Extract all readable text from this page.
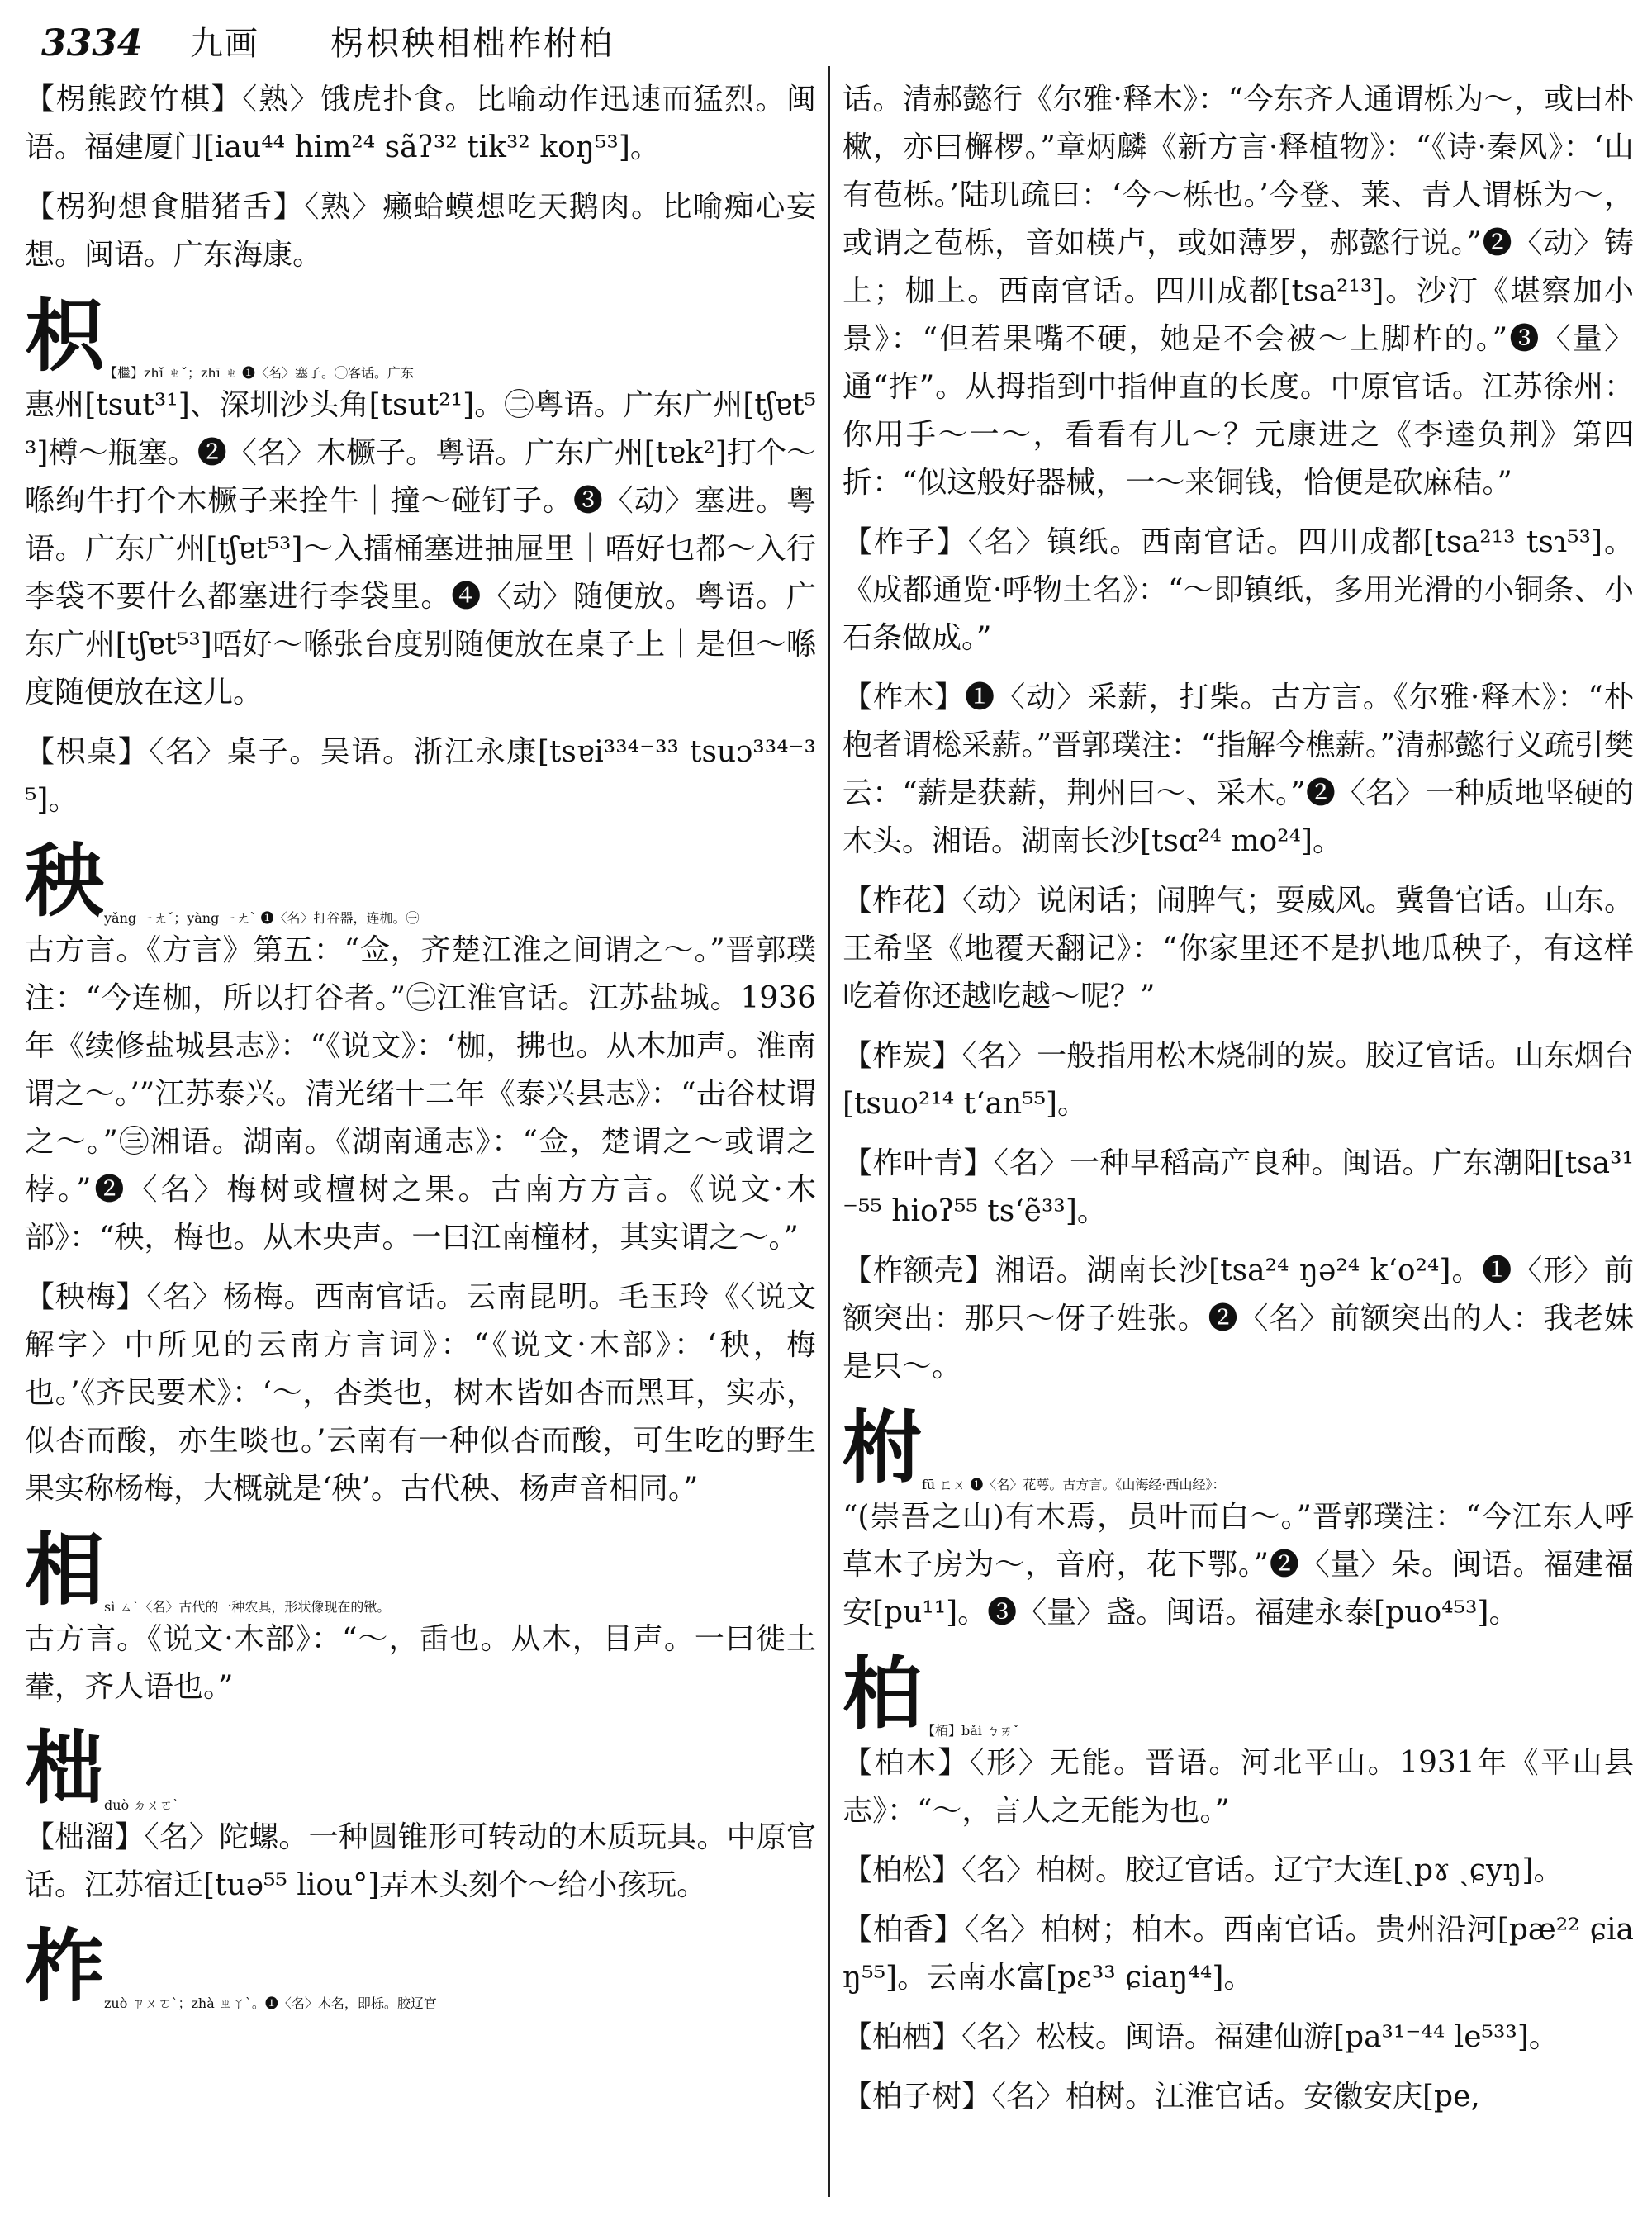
3334 九画 柺枳秧相柮柞柎柏

【柺熊跤竹棋】〈熟〉饿虎扑食。比喻动作迅速而猛烈。闽语。福建厦门[iau⁴⁴ him²⁴ sãʔ³² tik³² koŋ⁵³]。

【柺狗想食腊猪舌】〈熟〉癞蛤蟆想吃天鹅肉。比喻痴心妄想。闽语。广东海康。

枳 【檵】zhǐ ㄓˇ；zhī ㄓ ❶〈名〉塞子。㊀客话。广东

惠州[tsut³¹]、深圳沙头角[tsut²¹]。㊁粤语。广东广州[tʃɐt⁵³]樽～瓶塞。❷〈名〉木橛子。粤语。广东广州[tɐk²]打个～喺绚牛打个木橛子来拴牛｜撞～碰钉子。❸〈动〉塞进。粤语。广东广州[tʃɐt⁵³]～入擂桶塞进抽屉里｜唔好乜都～入行李袋不要什么都塞进行李袋里。❹〈动〉随便放。粤语。广东广州[tʃɐt⁵³]唔好～喺张台度别随便放在桌子上｜是但～喺度随便放在这儿。

【枳桌】〈名〉桌子。吴语。浙江永康[tsɐi³³⁴⁻³³ tsuɔ³³⁴⁻³⁵]。

秧 yǎng ㄧㄤˇ；yàng ㄧㄤˋ ❶〈名〉打谷器，连枷。㊀

古方言。《方言》第五：“佥，齐楚江淮之间谓之～。”晋郭璞注：“今连枷，所以打谷者。”㊁江淮官话。江苏盐城。1936年《续修盐城县志》：“《说文》：‘枷，拂也。从木加声。淮南谓之～。’”江苏泰兴。清光绪十二年《泰兴县志》：“击谷杖谓之～。”㊂湘语。湖南。《湖南通志》：“佥，楚谓之～或谓之桲。”❷〈名〉梅树或檀树之果。古南方方言。《说文·木部》：“秧，梅也。从木央声。一曰江南橦材，其实谓之～。”

【秧梅】〈名〉杨梅。西南官话。云南昆明。毛玉玲《〈说文解字〉中所见的云南方言词》：“《说文·木部》：‘秧，梅也。’《齐民要术》：‘～，杏类也，树木皆如杏而黑耳，实赤，似杏而酸，亦生啖也。’云南有一种似杏而酸，可生吃的野生果实称杨梅，大概就是‘秧’。古代秧、杨声音相同。”

相 sì ㄙˋ〈名〉古代的一种农具，形状像现在的锹。

古方言。《说文·木部》：“～，臿也。从木，目声。一曰徙土輂，齐人语也。”

柮 duò ㄉㄨㄛˋ

【柮溜】〈名〉陀螺。一种圆锥形可转动的木质玩具。中原官话。江苏宿迁[tuə⁵⁵ liou°]弄木头刻个～给小孩玩。

柞 zuò ㄗㄨㄛˋ；zhà ㄓㄚˋ。❶〈名〉木名，即栎。胶辽官

话。清郝懿行《尔雅·释木》：“今东齐人通谓栎为～，或曰朴樕，亦曰檞椤。”章炳麟《新方言·释植物》：“《诗·秦风》：‘山有苞栎。’陆玑疏曰：‘今～栎也。’今登、莱、青人谓栎为～，或谓之苞栎，音如楧卢，或如薄罗，郝懿行说。”❷〈动〉铸上；枷上。西南官话。四川成都[tsa²¹³]。沙汀《堪察加小景》：“但若果嘴不硬，她是不会被～上脚杵的。”❸〈量〉通“拃”。从拇指到中指伸直的长度。中原官话。江苏徐州：你用手～一～，看看有儿～？元康进之《李逵负荆》第四折：“似这般好器械，一～来铜钱，恰便是砍麻秸。”

【柞子】〈名〉镇纸。西南官话。四川成都[tsa²¹³ tsɿ⁵³]。《成都通览·呼物土名》：“～即镇纸，多用光滑的小铜条、小石条做成。”

【柞木】❶〈动〉采薪，打柴。古方言。《尔雅·释木》：“朴枹者谓棇采薪。”晋郭璞注：“指解今樵薪。”清郝懿行义疏引樊云：“薪是获薪，荆州曰～、采木。”❷〈名〉一种质地坚硬的木头。湘语。湖南长沙[tsɑ²⁴ mo²⁴]。

【柞花】〈动〉说闲话；闹脾气；耍威风。冀鲁官话。山东。王希坚《地覆天翻记》：“你家里还不是扒地瓜秧子，有这样吃着你还越吃越～呢？”

【柞炭】〈名〉一般指用松木烧制的炭。胶辽官话。山东烟台[tsuo²¹⁴ tʻan⁵⁵]。

【柞叶青】〈名〉一种早稻高产良种。闽语。广东潮阳[tsa³¹⁻⁵⁵ hioʔ⁵⁵ tsʻẽ³³]。

【柞额壳】湘语。湖南长沙[tsa²⁴ ŋə²⁴ kʻo²⁴]。❶〈形〉前额突出：那只～伢子姓张。❷〈名〉前额突出的人：我老妹是只～。

柎 fū ㄈㄨ ❶〈名〉花萼。古方言。《山海经·西山经》：

“(崇吾之山)有木焉，员叶而白～。”晋郭璞注：“今江东人呼草木子房为～，音府，花下鄂。”❷〈量〉朵。闽语。福建福安[pu¹¹]。❸〈量〉盏。闽语。福建永泰[puo⁴⁵³]。

柏 【栢】bǎi ㄅㄞˇ

【柏木】〈形〉无能。晋语。河北平山。1931年《平山县志》：“～，言人之无能为也。”

【柏松】〈名〉柏树。胶辽官话。辽宁大连[ˏpɤ ˏɕyŋ]。

【柏香】〈名〉柏树；柏木。西南官话。贵州沿河[pæ²² ɕiaŋ⁵⁵]。云南水富[pɛ³³ ɕiaŋ⁴⁴]。

【柏栖】〈名〉松枝。闽语。福建仙游[pa³¹⁻⁴⁴ le⁵³³]。

【柏子树】〈名〉柏树。江淮官话。安徽安庆[pe,
